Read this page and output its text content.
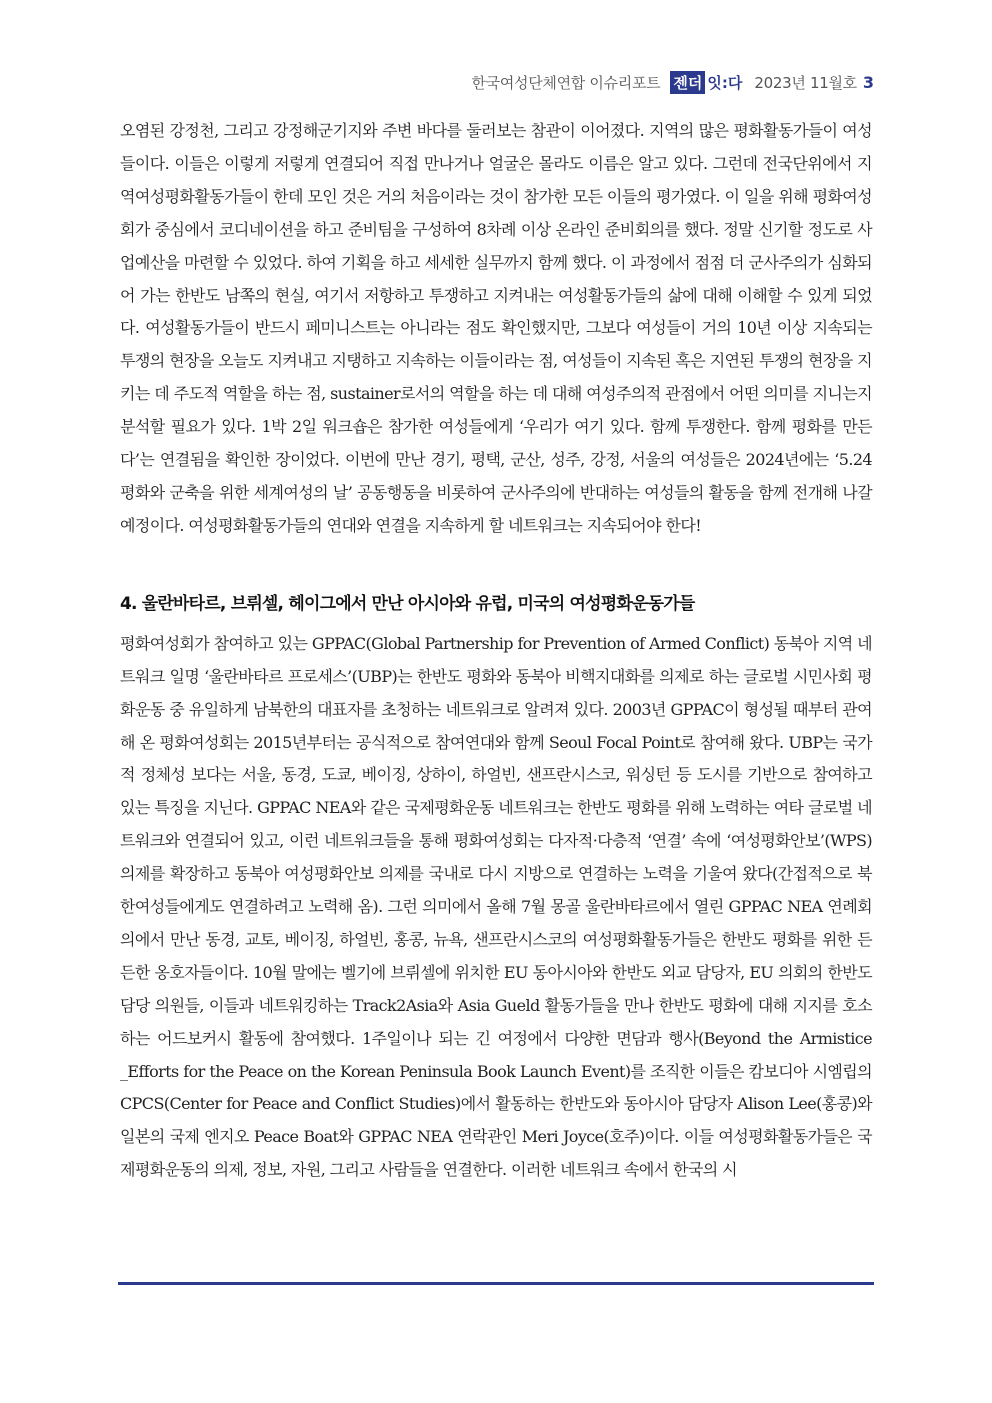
한국여성단체연합 이슈리포트 젠더 잇:다 2023년 11월호 3

오염된 강정천, 그리고 강정해군기지와 주변 바다를 둘러보는 참관이 이어졌다. 지역의 많은 평화활동가들이 여성들이다. 이들은 이렇게 저렇게 연결되어 직접 만나거나 얼굴은 몰라도 이름은 알고 있다. 그런데 전국단위에서 지역여성평화활동가들이 한데 모인 것은 거의 처음이라는 것이 참가한 모든 이들의 평가였다. 이 일을 위해 평화여성회가 중심에서 코디네이션을 하고 준비팀을 구성하여 8차례 이상 온라인 준비회의를 했다. 정말 신기할 정도로 사업예산을 마련할 수 있었다. 하여 기획을 하고 세세한 실무까지 함께 했다. 이 과정에서 점점 더 군사주의가 심화되어 가는 한반도 남쪽의 현실, 여기서 저항하고 투쟁하고 지켜내는 여성활동가들의 삶에 대해 이해할 수 있게 되었다. 여성활동가들이 반드시 페미니스트는 아니라는 점도 확인했지만, 그보다 여성들이 거의 10년 이상 지속되는 투쟁의 현장을 오늘도 지켜내고 지탱하고 지속하는 이들이라는 점, 여성들이 지속된 혹은 지연된 투쟁의 현장을 지키는 데 주도적 역할을 하는 점, sustainer로서의 역할을 하는 데 대해 여성주의적 관점에서 어떤 의미를 지니는지 분석할 필요가 있다. 1박 2일 워크숍은 참가한 여성들에게 ‘우리가 여기 있다. 함께 투쟁한다. 함께 평화를 만든다’는 연결됨을 확인한 장이었다. 이번에 만난 경기, 평택, 군산, 성주, 강정, 서울의 여성들은 2024년에는 ‘5.24 평화와 군축을 위한 세계여성의 날’ 공동행동을 비롯하여 군사주의에 반대하는 여성들의 활동을 함께 전개해 나갈 예정이다. 여성평화활동가들의 연대와 연결을 지속하게 할 네트워크는 지속되어야 한다!

4. 울란바타르, 브뤼셀, 헤이그에서 만난 아시아와 유럽, 미국의 여성평화운동가들

평화여성회가 참여하고 있는 GPPAC(Global Partnership for Prevention of Armed Conflict) 동북아 지역 네트워크 일명 ‘울란바타르 프로세스’(UBP)는 한반도 평화와 동북아 비핵지대화를 의제로 하는 글로벌 시민사회 평화운동 중 유일하게 남북한의 대표자를 초청하는 네트워크로 알려져 있다. 2003년 GPPAC이 형성될 때부터 관여해 온 평화여성회는 2015년부터는 공식적으로 참여연대와 함께 Seoul Focal Point로 참여해 왔다. UBP는 국가적 정체성 보다는 서울, 동경, 도쿄, 베이징, 상하이, 하얼빈, 샌프란시스코, 워싱턴 등 도시를 기반으로 참여하고 있는 특징을 지닌다. GPPAC NEA와 같은 국제평화운동 네트워크는 한반도 평화를 위해 노력하는 여타 글로벌 네트워크와 연결되어 있고, 이런 네트워크들을 통해 평화여성회는 다자적·다층적 ‘연결’ 속에 ‘여성평화안보’(WPS) 의제를 확장하고 동북아 여성평화안보 의제를 국내로 다시 지방으로 연결하는 노력을 기울여 왔다(간접적으로 북한여성들에게도 연결하려고 노력해 옴). 그런 의미에서 올해 7월 몽골 울란바타르에서 열린 GPPAC NEA 연례회의에서 만난 동경, 교토, 베이징, 하얼빈, 홍콩, 뉴욕, 샌프란시스코의 여성평화활동가들은 한반도 평화를 위한 든든한 옹호자들이다. 10월 말에는 벨기에 브뤼셀에 위치한 EU 동아시아와 한반도 외교 담당자, EU 의회의 한반도 담당 의원들, 이들과 네트워킹하는 Track2Asia와 Asia Gueld 활동가들을 만나 한반도 평화에 대해 지지를 호소하는 어드보커시 활동에 참여했다. 1주일이나 되는 긴 여정에서 다양한 면담과 행사(Beyond the Armistice _Efforts for the Peace on the Korean Peninsula Book Launch Event)를 조직한 이들은 캄보디아 시엠립의 CPCS(Center for Peace and Conflict Studies)에서 활동하는 한반도와 동아시아 담당자 Alison Lee(홍콩)와 일본의 국제 엔지오 Peace Boat와 GPPAC NEA 연락관인 Meri Joyce(호주)이다. 이들 여성평화활동가들은 국제평화운동의 의제, 정보, 자원, 그리고 사람들을 연결한다. 이러한 네트워크 속에서 한국의 시
